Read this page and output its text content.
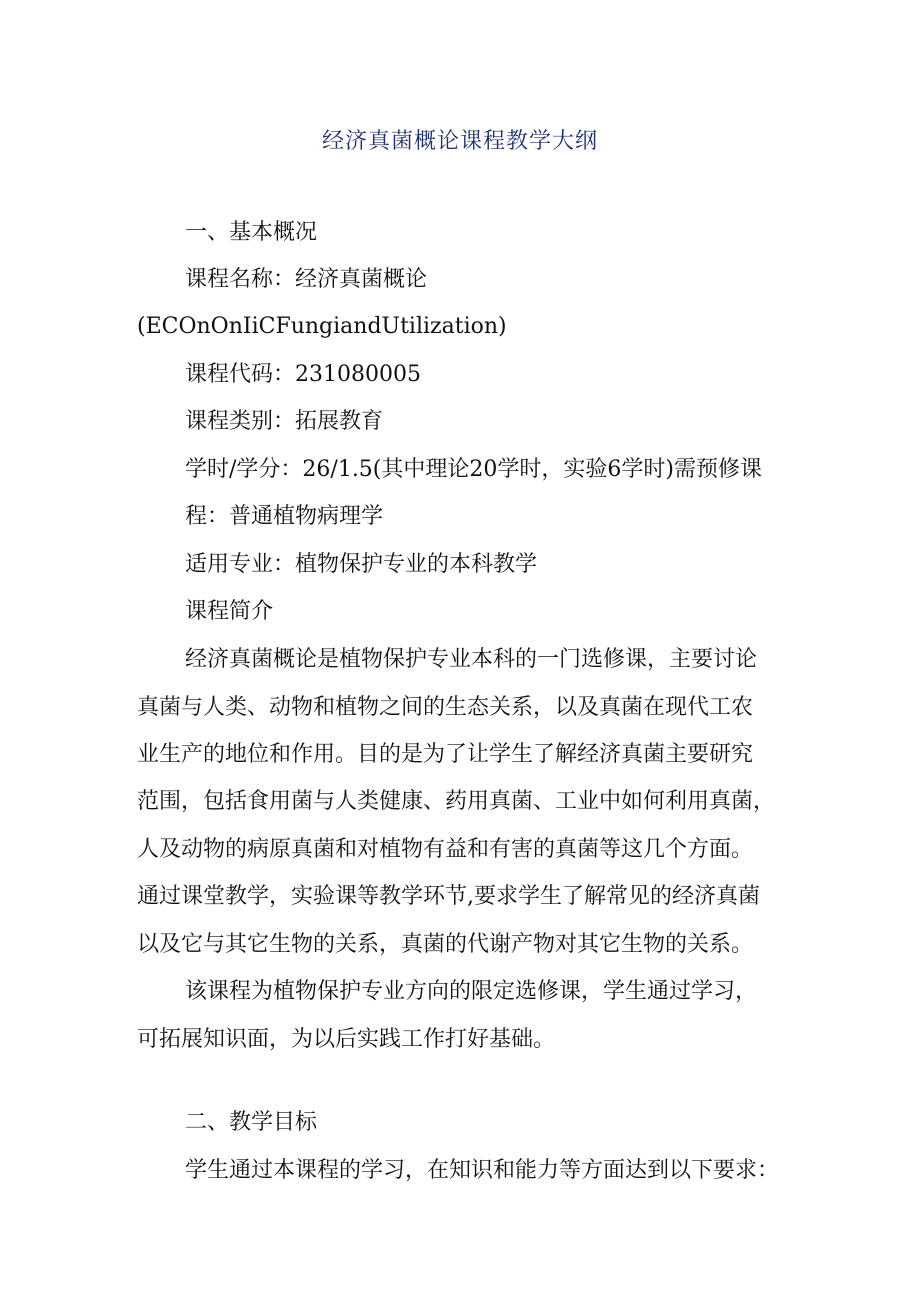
经济真菌概论课程教学大纲
一、基本概况
课程名称：经济真菌概论
(ECOnOnIiCFungiandUtilization)
课程代码：231080005
课程类别：拓展教育
学时/学分：26/1.5(其中理论20学时，实验6学时)需预修课
程：普通植物病理学
适用专业：植物保护专业的本科教学
课程简介
经济真菌概论是植物保护专业本科的一门选修课，主要讨论
真菌与人类、动物和植物之间的生态关系，以及真菌在现代工农
业生产的地位和作用。目的是为了让学生了解经济真菌主要研究
范围，包括食用菌与人类健康、药用真菌、工业中如何利用真菌，
人及动物的病原真菌和对植物有益和有害的真菌等这几个方面。
通过课堂教学，实验课等教学环节,要求学生了解常见的经济真菌
以及它与其它生物的关系，真菌的代谢产物对其它生物的关系。
该课程为植物保护专业方向的限定选修课，学生通过学习，
可拓展知识面，为以后实践工作打好基础。
二、教学目标
学生通过本课程的学习，在知识和能力等方面达到以下要求：
